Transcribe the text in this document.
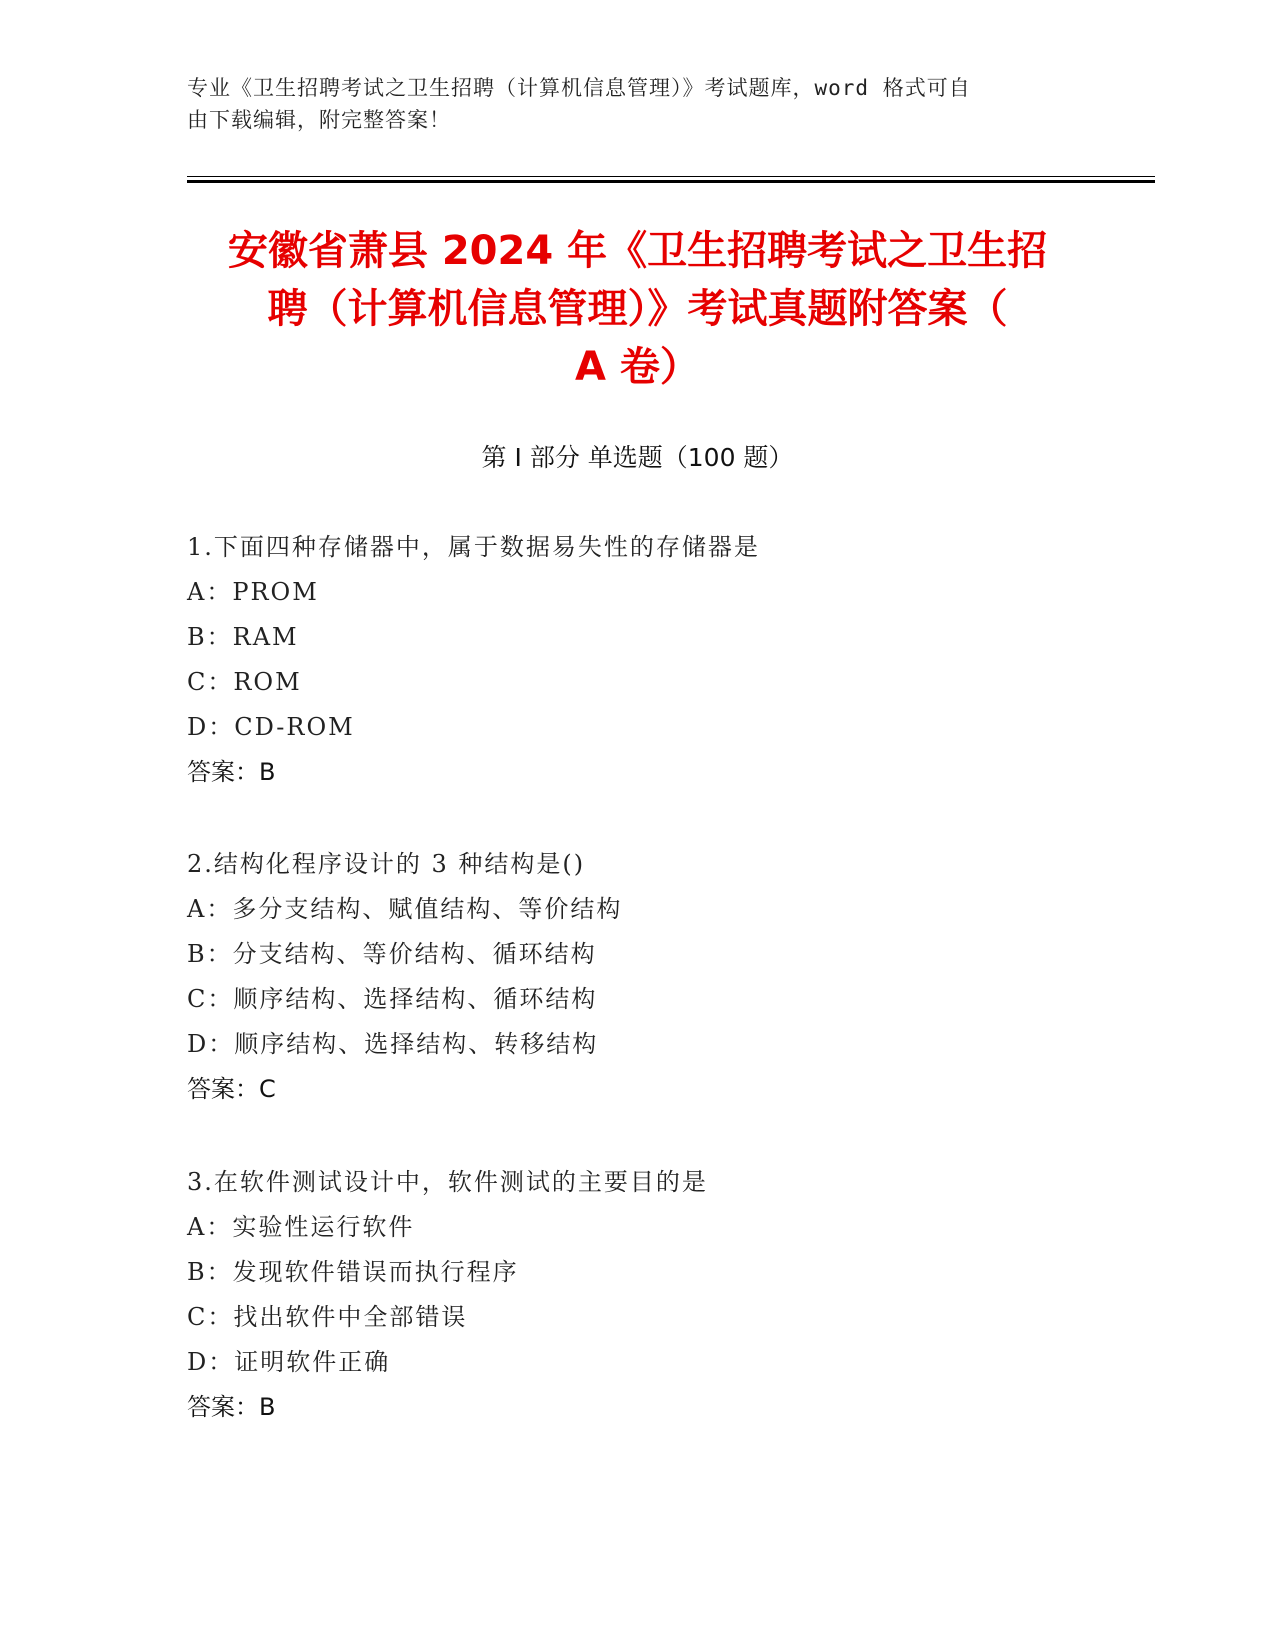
专业《卫生招聘考试之卫生招聘（计算机信息管理）》考试题库，word 格式可自
由下载编辑，附完整答案！
安徽省萧县 2024 年《卫生招聘考试之卫生招
聘（计算机信息管理）》考试真题附答案（
A 卷）
第 I 部分 单选题（100 题）
1.下面四种存储器中，属于数据易失性的存储器是
A：PROM
B：RAM
C：ROM
D：CD-ROM
答案：B
2.结构化程序设计的 3 种结构是()
A：多分支结构、赋值结构、等价结构
B：分支结构、等价结构、循环结构
C：顺序结构、选择结构、循环结构
D：顺序结构、选择结构、转移结构
答案：C
3.在软件测试设计中，软件测试的主要目的是
A：实验性运行软件
B：发现软件错误而执行程序
C：找出软件中全部错误
D：证明软件正确
答案：B
